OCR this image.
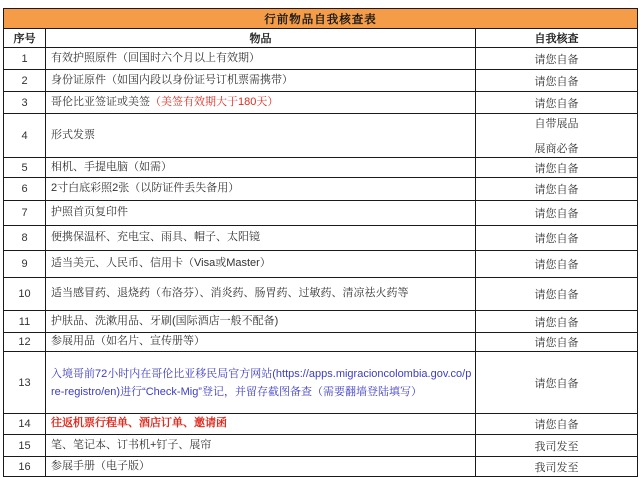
行前物品自我核查表		
序号	物品	自我核查
1	有效护照原件（回国时六个月以上有效期）	请您自备

2	身份证原件（如国内段以身份证号订机票需携带）	请您自备

3	哥伦比亚签证或美签（美签有效期大于180天）	请您自备

4	形式发票	自带展品
展商必备

5	相机、手提电脑（如需）	请您自备

6	2寸白底彩照2张（以防证件丢失备用）	请您自备

7	护照首页复印件	请您自备

8	便携保温杯、充电宝、雨具、帽子、太阳镜	请您自备

9	适当美元、人民币、信用卡（Visa或Master）	请您自备

10	适当感冒药、退烧药（布洛芬）、消炎药、肠胃药、过敏药、清凉祛火药等	请您自备

11	护肤品、洗漱用品、牙刷(国际酒店一般不配备)	请您自备

12	参展用品（如名片、宣传册等）	请您自备

13	入境哥前72小时内在哥伦比亚移民局官方网站(https://apps.migracioncolombia.gov.co/pre-registro/en)进行“Check-Mig”登记，并留存截图备查（需要翻墙登陆填写）	请您自备

14	往返机票行程单、酒店订单、邀请函	请您自备

15	笔、笔记本、订书机+钉子、展帘	我司发至

16	参展手册（电子版）	我司发至
